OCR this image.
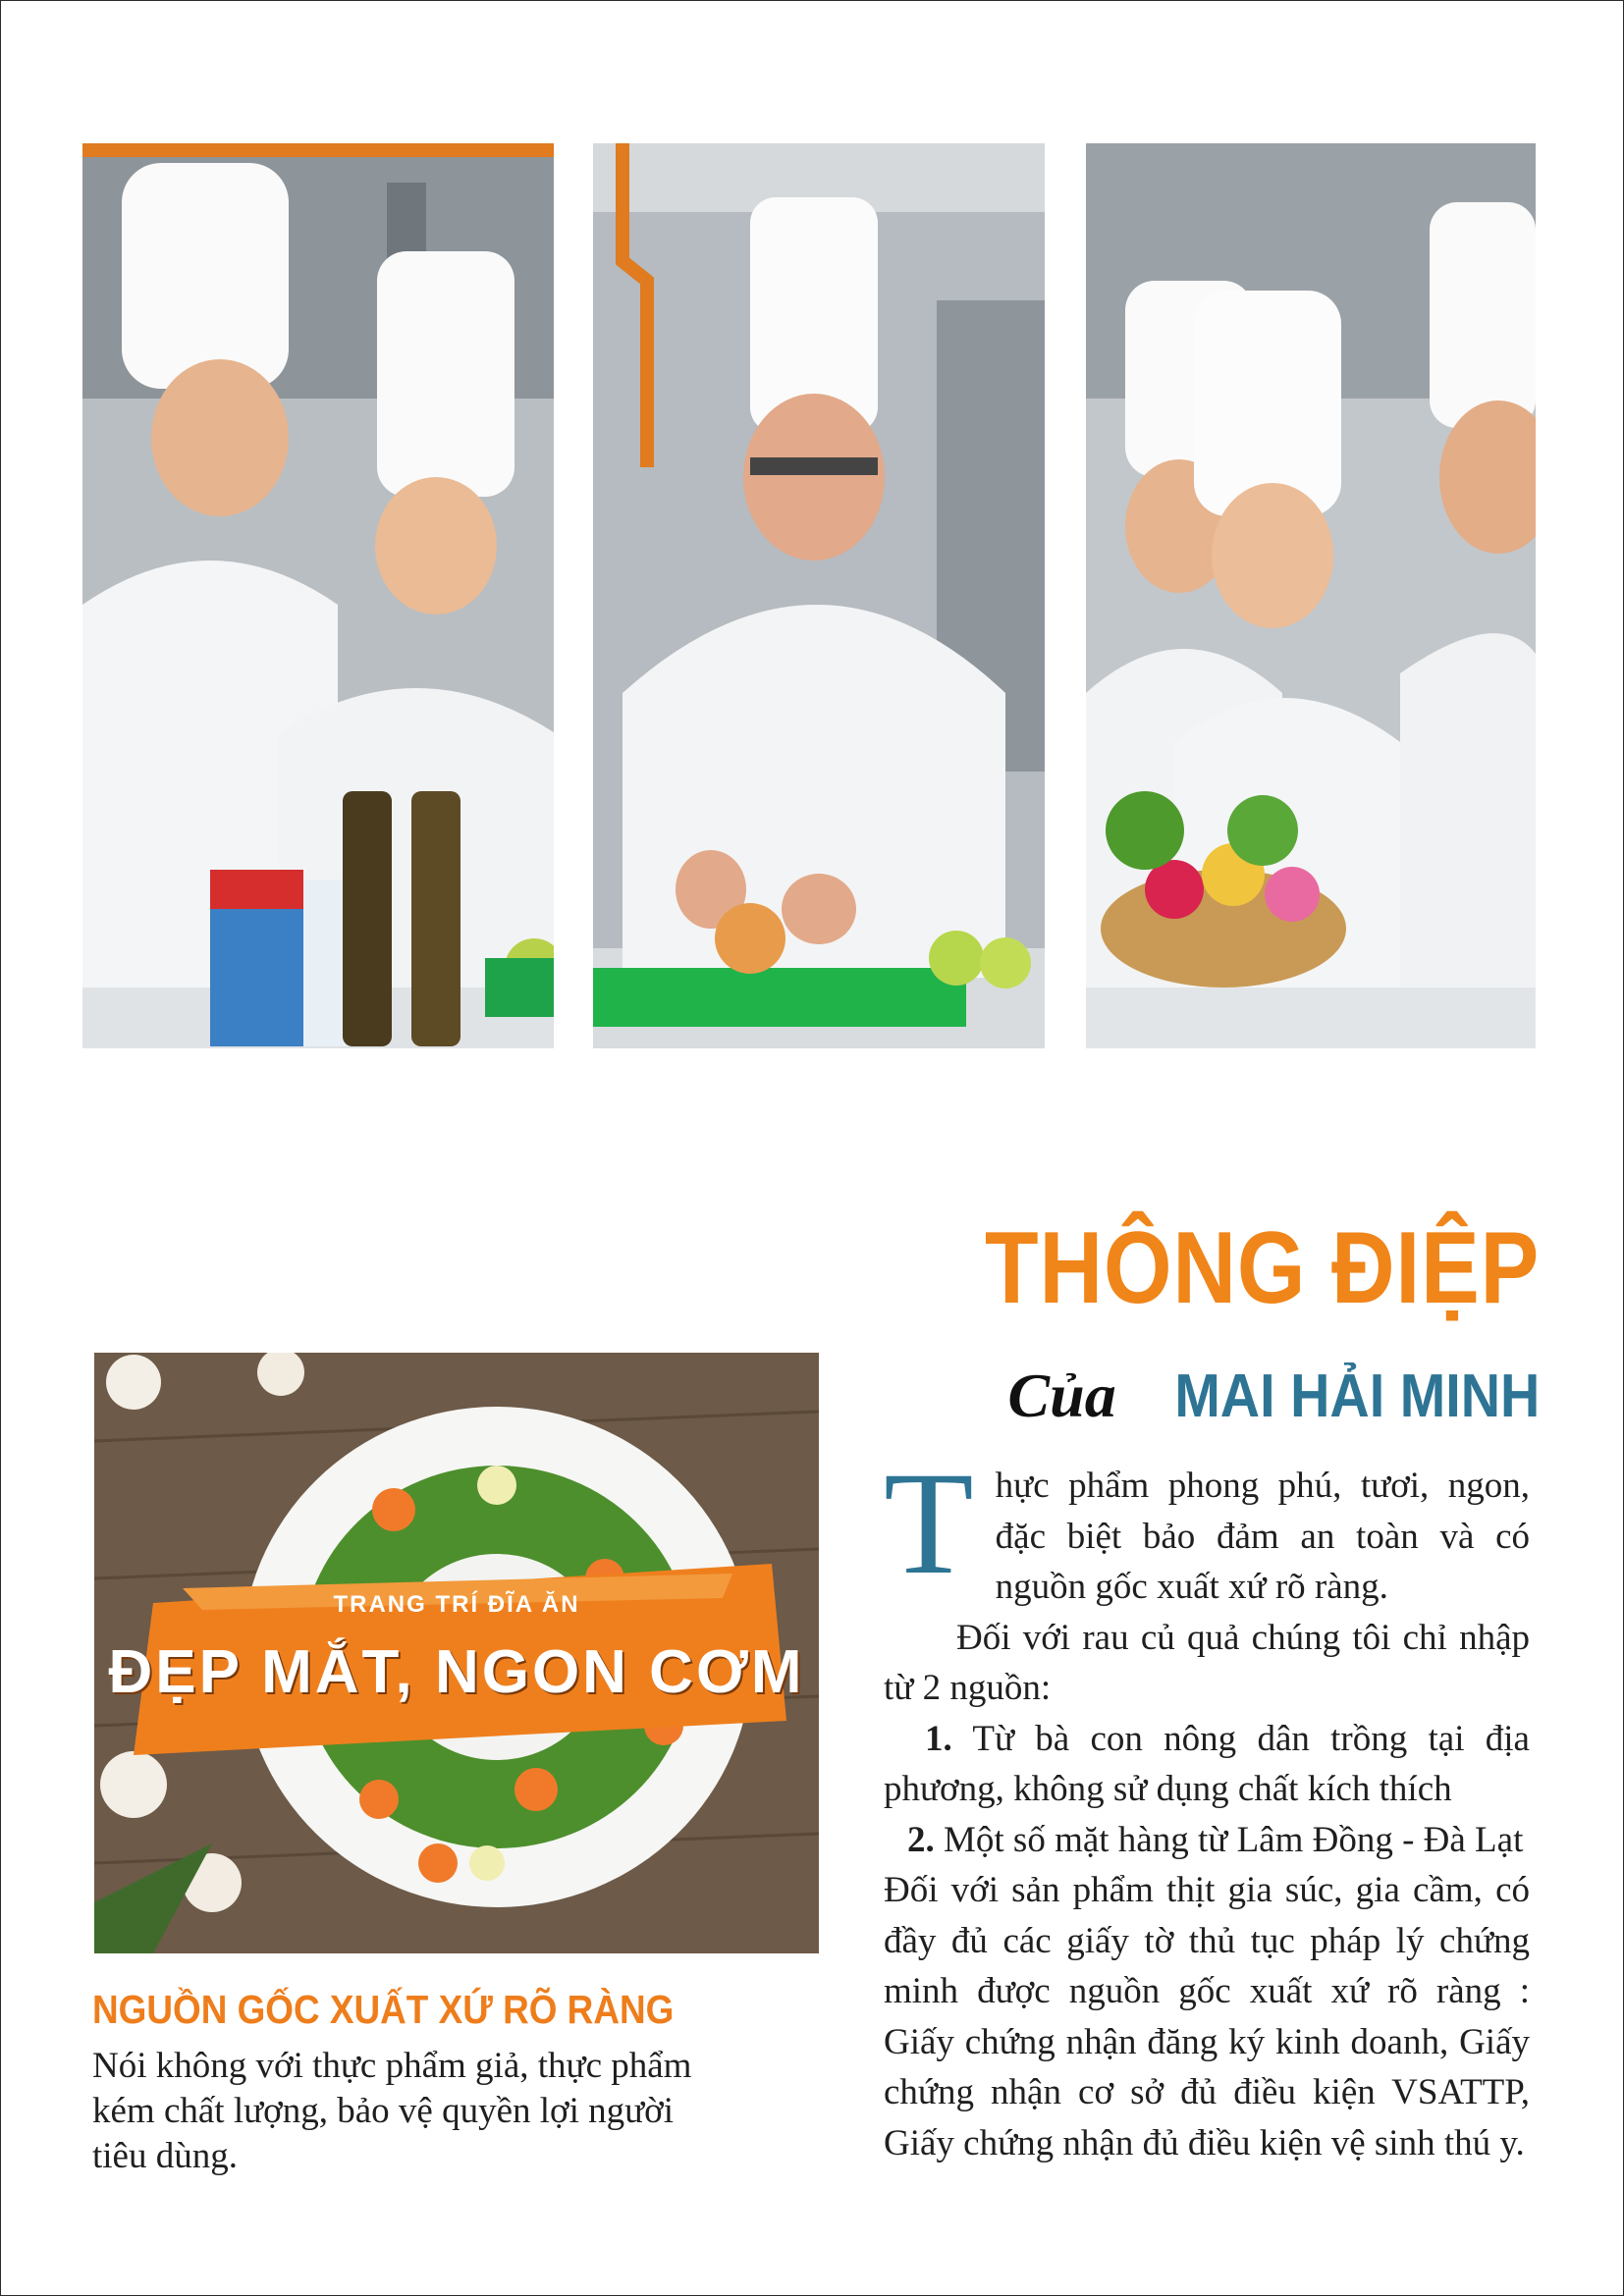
THÔNG ĐIỆP
Của MAI HẢI MINH

Thực phẩm phong phú, tươi, ngon, đặc biệt bảo đảm an toàn và có nguồn gốc xuất xứ rõ ràng.

Đối với rau củ quả chúng tôi chỉ nhập từ 2 nguồn:

1. Từ bà con nông dân trồng tại địa phương, không sử dụng chất kích thích

2. Một số mặt hàng từ Lâm Đồng - Đà Lạt

Đối với sản phẩm thịt gia súc, gia cầm, có đầy đủ các giấy tờ thủ tục pháp lý chứng minh được nguồn gốc xuất xứ rõ ràng : Giấy chứng nhận đăng ký kinh doanh, Giấy chứng nhận cơ sở đủ điều kiện VSATTP, Giấy chứng nhận đủ điều kiện vệ sinh thú y.

TRANG TRÍ ĐĨA ĂN
ĐẸP MẮT, NGON CƠM
NGUỒN GỐC XUẤT XỨ RÕ RÀNG

Nói không với thực phẩm giả, thực phẩm kém chất lượng, bảo vệ quyền lợi người tiêu dùng.
